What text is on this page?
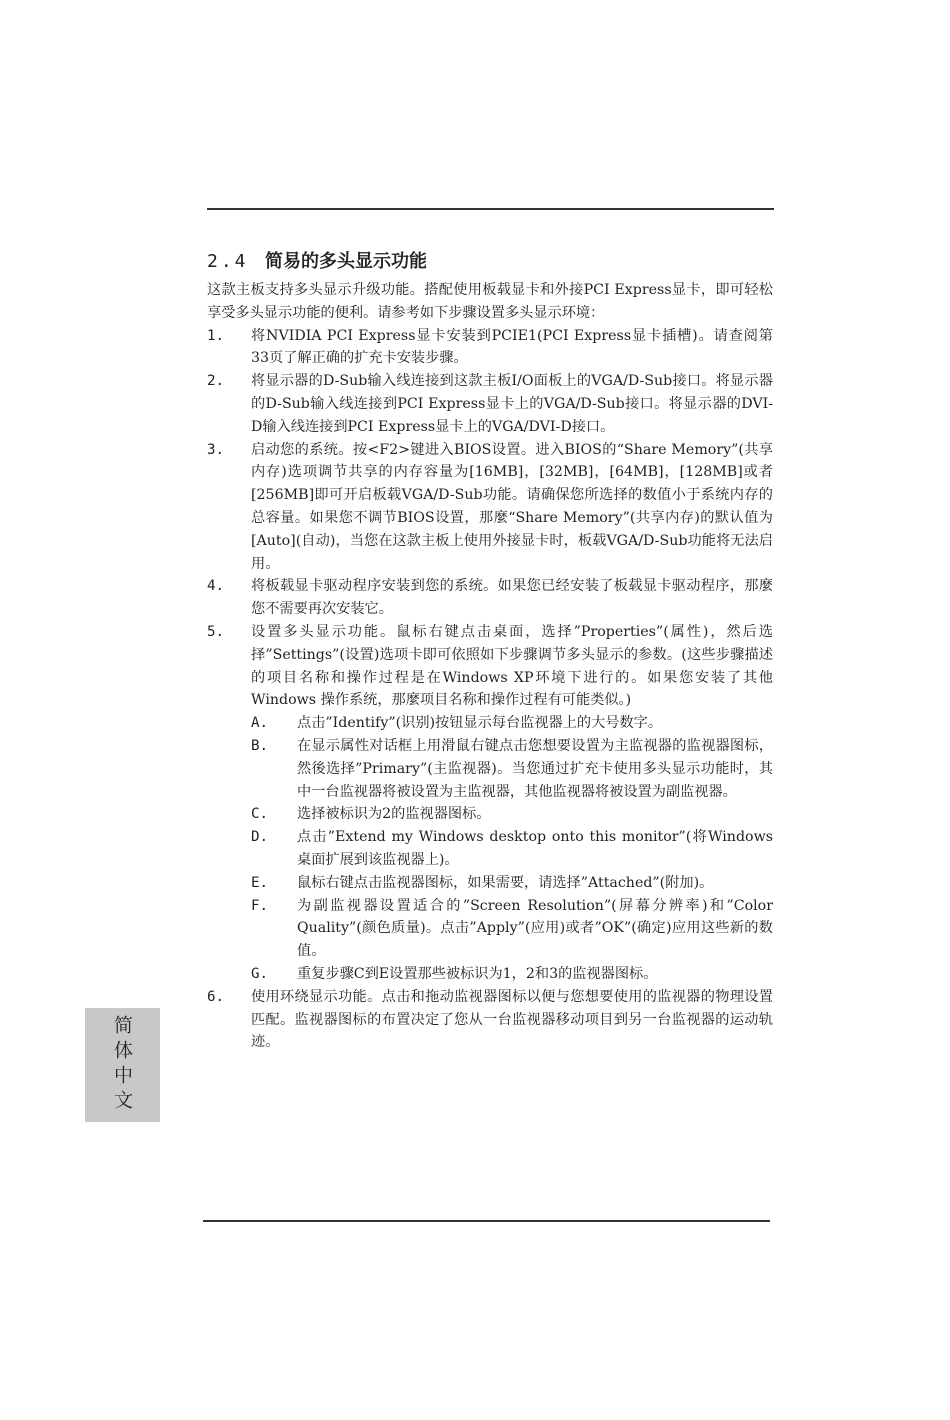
2.4 简易的多头显示功能

这款主板支持多头显示升级功能。搭配使用板载显卡和外接PCI Express显卡，即可轻松享受多头显示功能的便利。请参考如下步骤设置多头显示环境：

1.	将NVIDIA PCI Express显卡安装到PCIE1(PCI Express显卡插槽)。请查阅第33页了解正确的扩充卡安装步骤。
2.	将显示器的D-Sub输入线连接到这款主板I/O面板上的VGA/D-Sub接口。将显示器的D-Sub输入线连接到PCI Express显卡上的VGA/D-Sub接口。将显示器的DVI-D输入线连接到PCI Express显卡上的VGA/DVI-D接口。
3.	启动您的系统。按<F2>键进入BIOS设置。进入BIOS的“Share Memory”(共享内存)选项调节共享的内存容量为[16MB]，[32MB]，[64MB]，[128MB]或者[256MB]即可开启板载VGA/D-Sub功能。请确保您所选择的数值小于系统内存的总容量。如果您不调节BIOS设置，那麼“Share Memory”(共享内存)的默认值为[Auto](自动)，当您在这款主板上使用外接显卡时，板载VGA/D-Sub功能将无法启用。
4.	将板载显卡驱动程序安装到您的系统。如果您已经安装了板载显卡驱动程序，那麼您不需要再次安装它。
5.	设置多头显示功能。鼠标右键点击桌面，选择”Properties”(属性)，然后选择”Settings”(设置)选项卡即可依照如下步骤调节多头显示的参数。(这些步骤描述的项目名称和操作过程是在Windows XP环境下进行的。如果您安装了其他Windows 操作系统，那麼项目名称和操作过程有可能类似。)
A.	点击”Identify”(识别)按钮显示每台监视器上的大号数字。
B.	在显示属性对话框上用滑鼠右键点击您想要设置为主监视器的监视器图标，然後选择”Primary”(主监视器)。当您通过扩充卡使用多头显示功能时，其中一台监视器将被设置为主监视器，其他监视器将被设置为副监视器。
C.	选择被标识为2的监视器图标。
D.	点击”Extend my Windows desktop onto this monitor”(将Windows桌面扩展到该监视器上)。
E.	鼠标右键点击监视器图标，如果需要，请选择”Attached”(附加)。
F.	为副监视器设置适合的”Screen Resolution”(屏幕分辨率)和”Color Quality”(颜色质量)。点击”Apply”(应用)或者”OK”(确定)应用这些新的数值。
G.	重复步骤C到E设置那些被标识为1，2和3的监视器图标。
6.	使用环绕显示功能。点击和拖动监视器图标以便与您想要使用的监视器的物理设置匹配。监视器图标的布置决定了您从一台监视器移动项目到另一台监视器的运动轨迹。
简体中文
